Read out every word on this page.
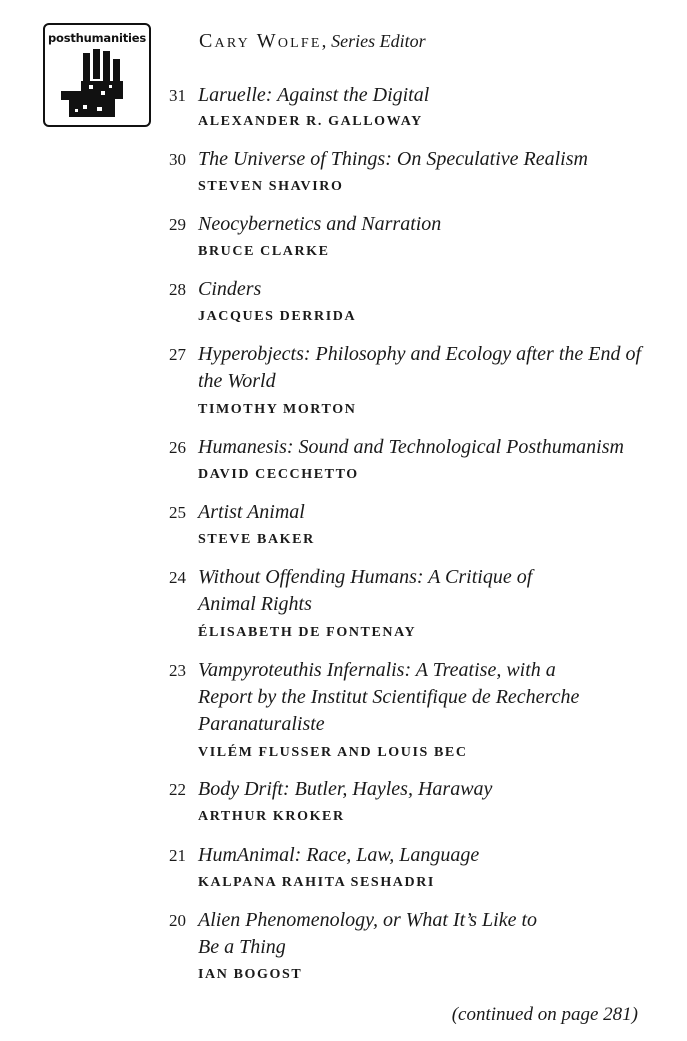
posthumanities	Cary Wolfe, Series Editor
31 Laruelle: Against the Digital
ALEXANDER R. GALLOWAY
30 The Universe of Things: On Speculative Realism
STEVEN SHAVIRO
29 Neocybernetics and Narration
BRUCE CLARKE
28 Cinders
JACQUES DERRIDA
27 Hyperobjects: Philosophy and Ecology after the End of the World
TIMOTHY MORTON
26 Humanesis: Sound and Technological Posthumanism
DAVID CECCHETTO
25 Artist Animal
STEVE BAKER
24 Without Offending Humans: A Critique of Animal Rights
ÉLISABETH DE FONTENAY
23 Vampyroteuthis Infernalis: A Treatise, with a Report by the Institut Scientifique de Recherche Paranaturaliste
VILÉM FLUSSER AND LOUIS BEC
22 Body Drift: Butler, Hayles, Haraway
ARTHUR KROKER
21 HumAnimal: Race, Law, Language
KALPANA RAHITA SESHADRI
20 Alien Phenomenology, or What It’s Like to Be a Thing
IAN BOGOST
(continued on page 281)
